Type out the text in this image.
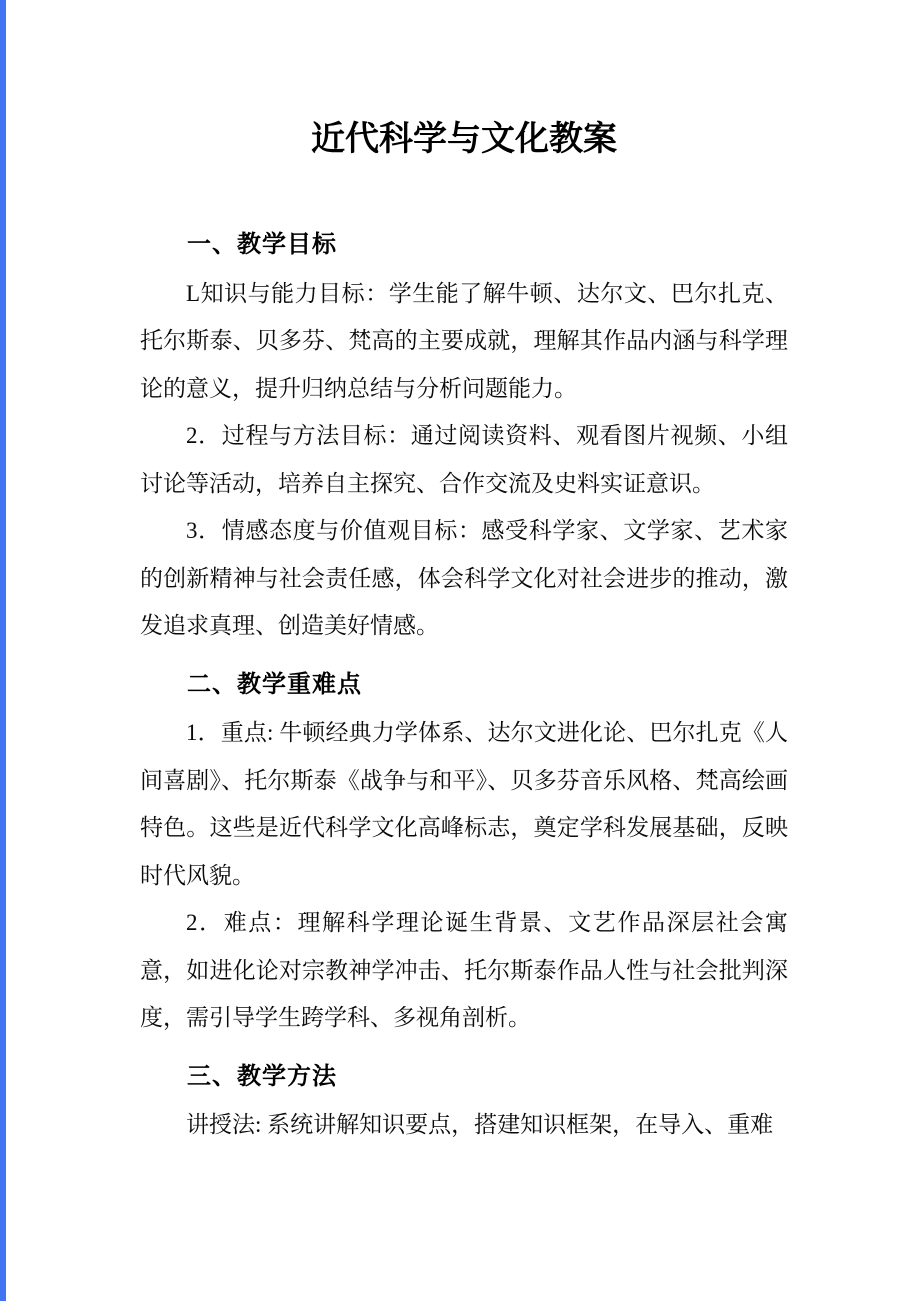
近代科学与文化教案
一、教学目标

L知识与能力目标：学生能了解牛顿、达尔文、巴尔扎克、托尔斯泰、贝多芬、梵高的主要成就，理解其作品内涵与科学理论的意义，提升归纳总结与分析问题能力。

2．过程与方法目标：通过阅读资料、观看图片视频、小组讨论等活动，培养自主探究、合作交流及史料实证意识。

3．情感态度与价值观目标：感受科学家、文学家、艺术家的创新精神与社会责任感，体会科学文化对社会进步的推动，激发追求真理、创造美好情感。

二、教学重难点

1．重点: 牛顿经典力学体系、达尔文进化论、巴尔扎克《人间喜剧》、托尔斯泰《战争与和平》、贝多芬音乐风格、梵高绘画特色。这些是近代科学文化高峰标志，奠定学科发展基础，反映时代风貌。

2．难点：理解科学理论诞生背景、文艺作品深层社会寓意，如进化论对宗教神学冲击、托尔斯泰作品人性与社会批判深度，需引导学生跨学科、多视角剖析。

三、教学方法

讲授法: 系统讲解知识要点，搭建知识框架，在导入、重难
